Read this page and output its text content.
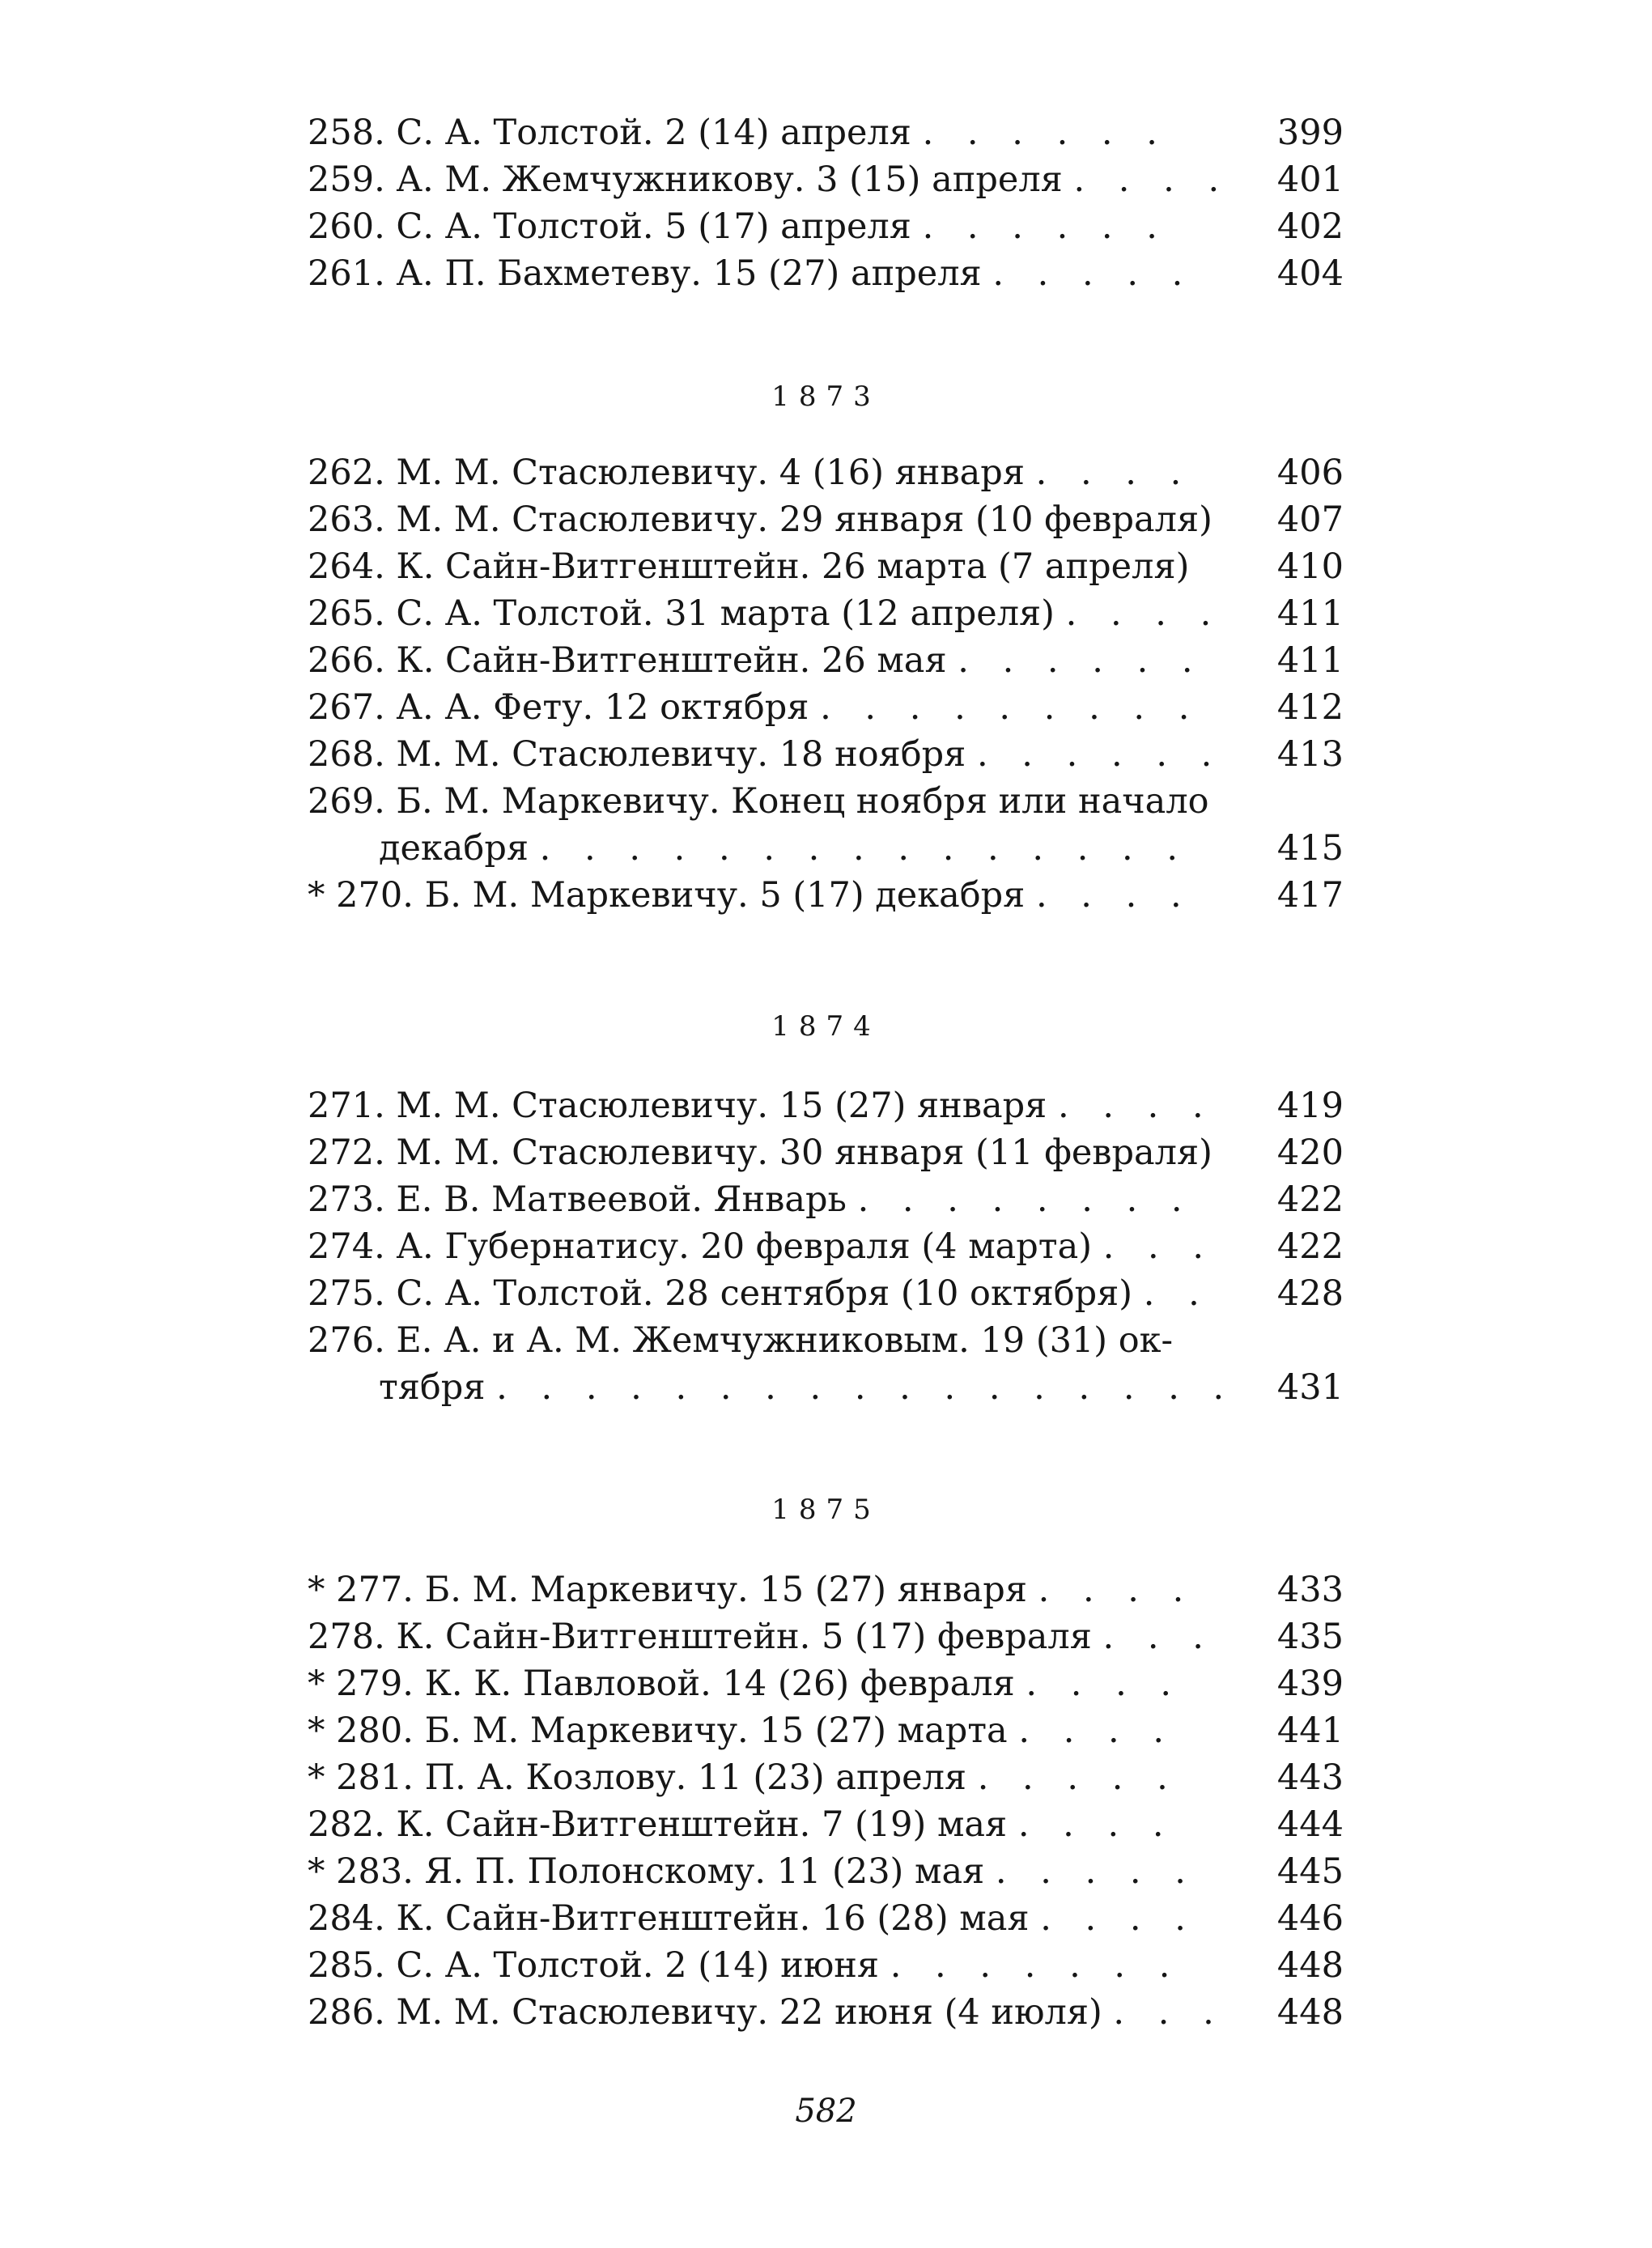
258. С. А. Толстой. 2 (14) апреля . . . . . .	399
259. А. М. Жемчужникову. 3 (15) апреля . . . .	401
260. С. А. Толстой. 5 (17) апреля . . . . . .	402
261. А. П. Бахметеву. 15 (27) апреля . . . . .	404
1873
262. М. М. Стасюлевичу. 4 (16) января . . . .	406
263. М. М. Стасюлевичу. 29 января (10 февраля)	407
264. К. Сайн-Витгенштейн. 26 марта (7 апреля)	410
265. С. А. Толстой. 31 марта (12 апреля) . . . .	411
266. К. Сайн-Витгенштейн. 26 мая . . . . . .	411
267. А. А. Фету. 12 октября . . . . . . . . .	412
268. М. М. Стасюлевичу. 18 ноября . . . . . .	413
269. Б. М. Маркевичу. Конец ноября или начало
декабря . . . . . . . . . . . . . . .	415
* 270. Б. М. Маркевичу. 5 (17) декабря . . . .	417
1874
271. М. М. Стасюлевичу. 15 (27) января . . . .	419
272. М. М. Стасюлевичу. 30 января (11 февраля)	420
273. Е. В. Матвеевой. Январь . . . . . . . .	422
274. А. Губернатису. 20 февраля (4 марта) . . .	422
275. С. А. Толстой. 28 сентября (10 октября) . .	428
276. Е. А. и А. М. Жемчужниковым. 19 (31) ок-
тября . . . . . . . . . . . . . . . . .	431
1875
* 277. Б. М. Маркевичу. 15 (27) января . . . .	433
278. К. Сайн-Витгенштейн. 5 (17) февраля . . .	435
* 279. К. К. Павловой. 14 (26) февраля . . . .	439
* 280. Б. М. Маркевичу. 15 (27) марта . . . .	441
* 281. П. А. Козлову. 11 (23) апреля . . . . .	443
282. К. Сайн-Витгенштейн. 7 (19) мая . . . .	444
* 283. Я. П. Полонскому. 11 (23) мая . . . . .	445
284. К. Сайн-Витгенштейн. 16 (28) мая . . . .	446
285. С. А. Толстой. 2 (14) июня . . . . . . .	448
286. М. М. Стасюлевичу. 22 июня (4 июля) . . .	448
582
